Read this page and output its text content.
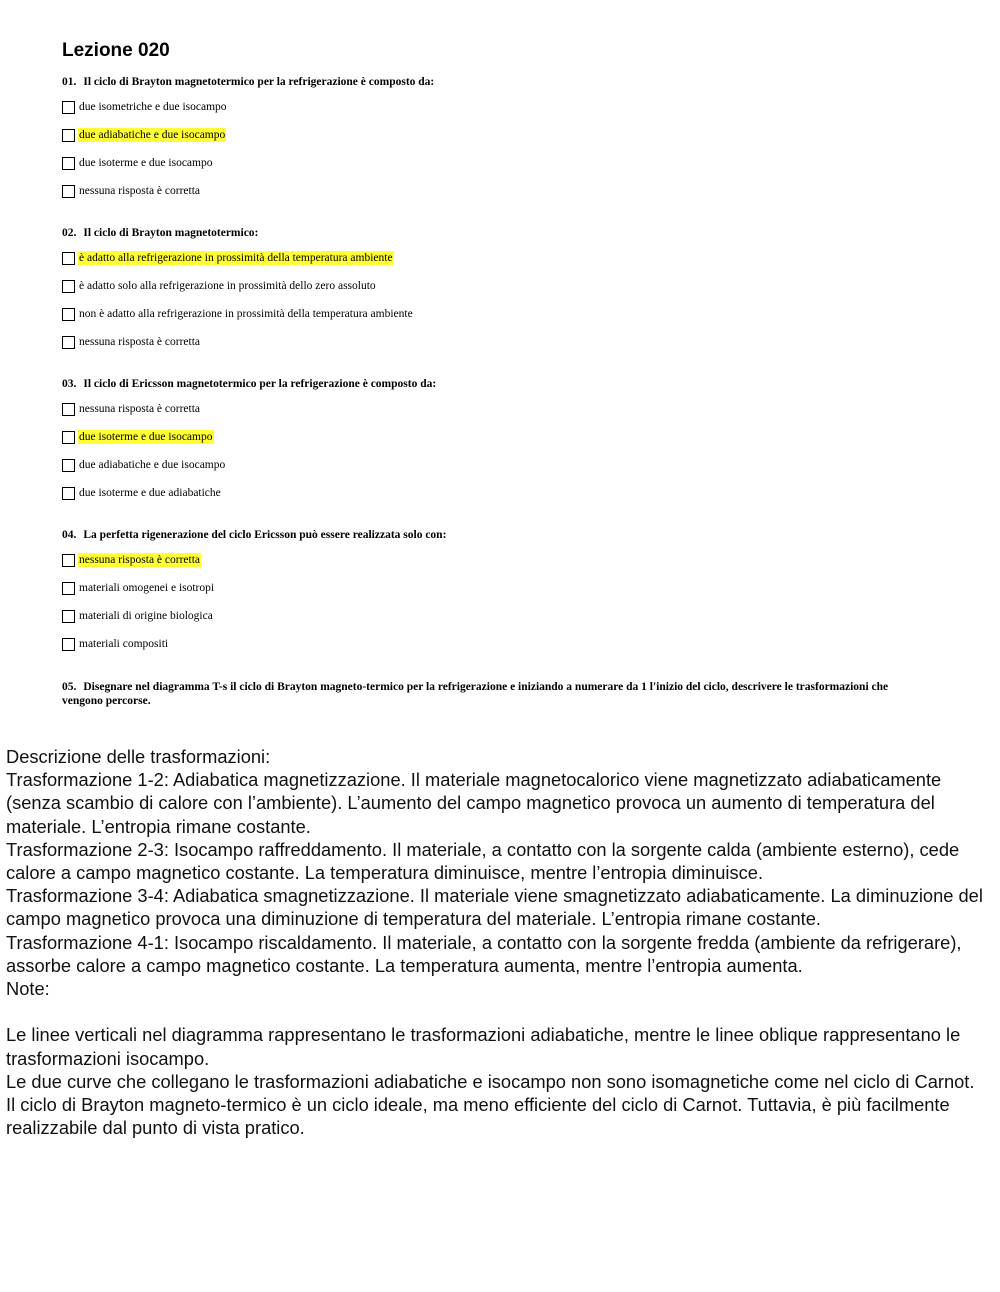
Lezione 020

01. Il ciclo di Brayton magnetotermico per la refrigerazione è composto da:

due isometriche e due isocampo
due adiabatiche e due isocampo
due isoterme e due isocampo
nessuna risposta è corretta

02. Il ciclo di Brayton magnetotermico:

è adatto alla refrigerazione in prossimità della temperatura ambiente
è adatto solo alla refrigerazione in prossimità dello zero assoluto
non è adatto alla refrigerazione in prossimità della temperatura ambiente
nessuna risposta è corretta

03. Il ciclo di Ericsson magnetotermico per la refrigerazione è composto da:

nessuna risposta è corretta
due isoterme e due isocampo
due adiabatiche e due isocampo
due isoterme e due adiabatiche

04. La perfetta rigenerazione del ciclo Ericsson può essere realizzata solo con:

nessuna risposta è corretta
materiali omogenei e isotropi
materiali di origine biologica
materiali compositi
05. Disegnare nel diagramma T-s il ciclo di Brayton magneto-termico per la refrigerazione e iniziando a numerare da 1 l'inizio del ciclo, descrivere le trasformazioni che vengono percorse.

Descrizione delle trasformazioni:

Trasformazione 1-2: Adiabatica magnetizzazione. Il materiale magnetocalorico viene magnetizzato adiabaticamente (senza scambio di calore con l’ambiente). L’aumento del campo magnetico provoca un aumento di temperatura del materiale. L’entropia rimane costante.

Trasformazione 2-3: Isocampo raffreddamento. Il materiale, a contatto con la sorgente calda (ambiente esterno), cede calore a campo magnetico costante. La temperatura diminuisce, mentre l’entropia diminuisce.

Trasformazione 3-4: Adiabatica smagnetizzazione. Il materiale viene smagnetizzato adiabaticamente. La diminuzione del campo magnetico provoca una diminuzione di temperatura del materiale. L’entropia rimane costante.

Trasformazione 4-1: Isocampo riscaldamento. Il materiale, a contatto con la sorgente fredda (ambiente da refrigerare), assorbe calore a campo magnetico costante. La temperatura aumenta, mentre l’entropia aumenta.

Note:

Le linee verticali nel diagramma rappresentano le trasformazioni adiabatiche, mentre le linee oblique rappresentano le trasformazioni isocampo.

Le due curve che collegano le trasformazioni adiabatiche e isocampo non sono isomagnetiche come nel ciclo di Carnot.

Il ciclo di Brayton magneto-termico è un ciclo ideale, ma meno efficiente del ciclo di Carnot. Tuttavia, è più facilmente realizzabile dal punto di vista pratico.
